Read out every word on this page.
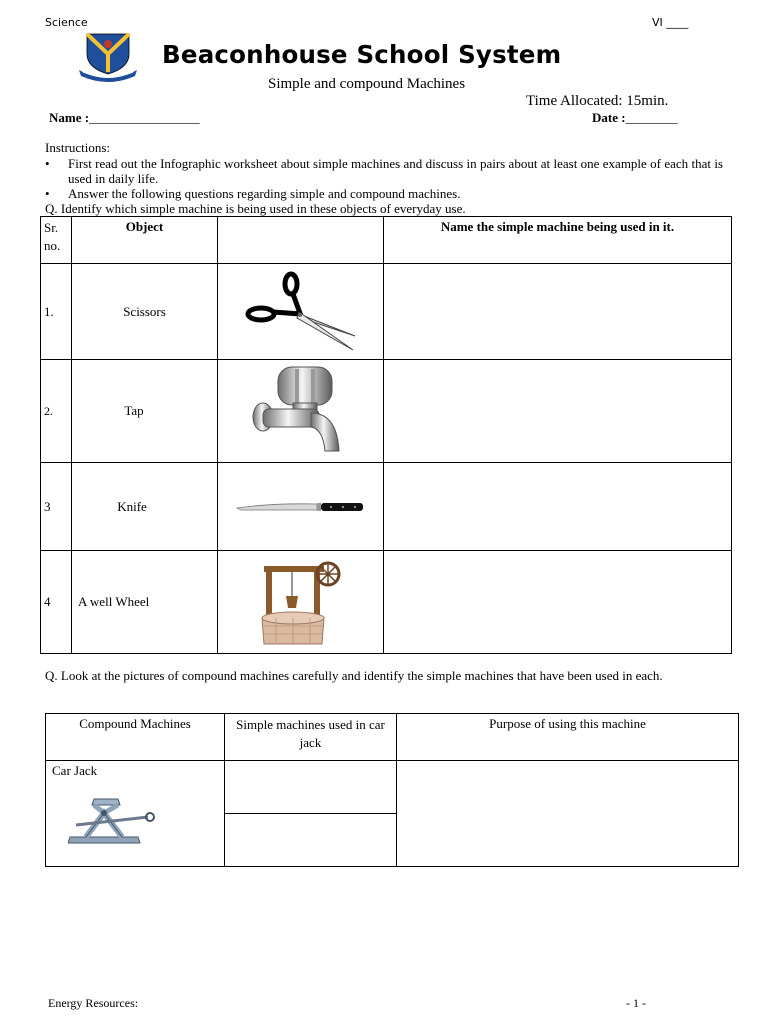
Science	VI ____
Beaconhouse School System
Simple and compound Machines
Time Allocated: 15min.
Name :_________________	Date :________
Instructions:
• First read out the Infographic worksheet about simple machines and discuss in pairs about at least one example of each that is used in daily life.
• Answer the following questions regarding simple and compound machines.
Q. Identify which simple machine is being used in these objects of everyday use.
Sr. no.	Object		Name the simple machine being used in it.
1.	Scissors	

2.	Tap	

3	Knife	

4	A well Wheel	

Q. Look at the pictures of compound machines carefully and identify the simple machines that have been used in each.
Compound Machines	Simple machines used in car jack	Purpose of using this machine

Car Jack		

Energy Resources:	- 1 -
